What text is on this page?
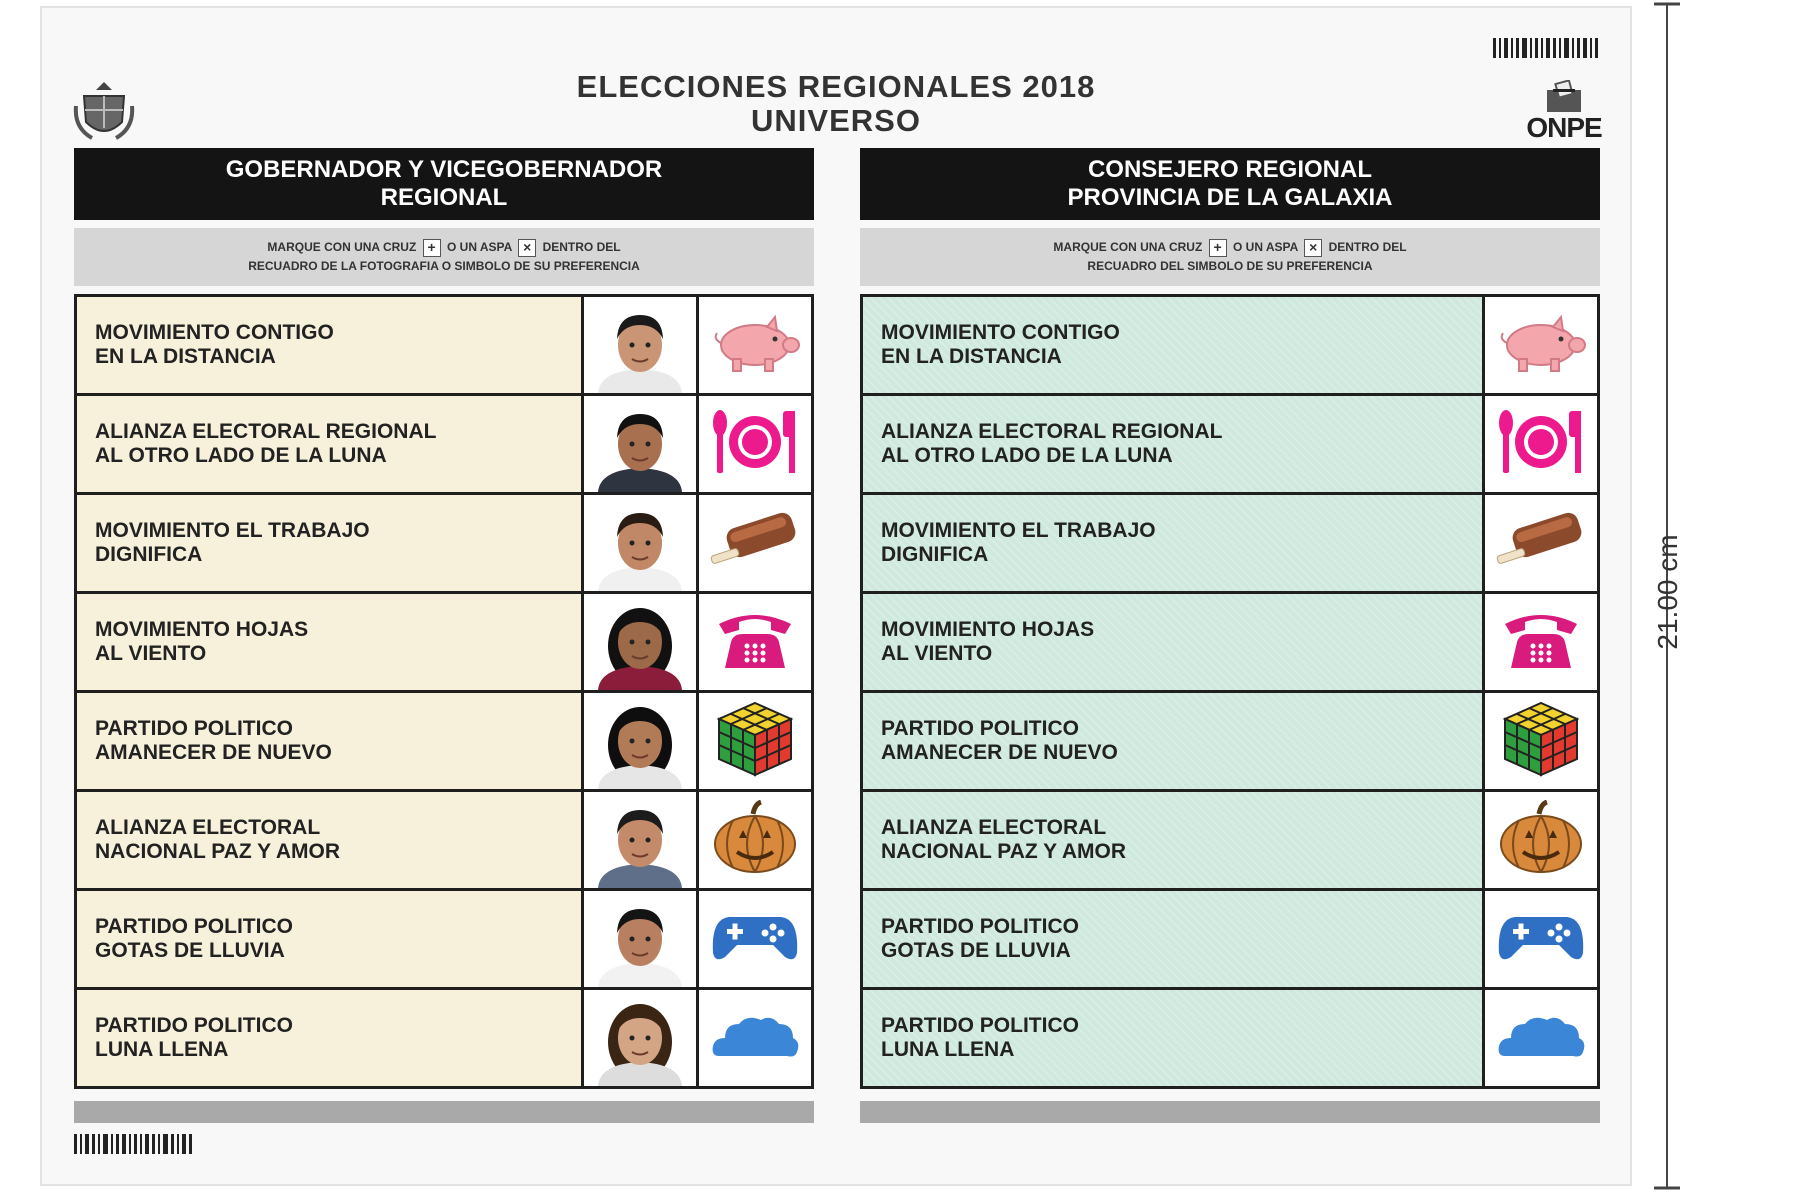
ELECCIONES REGIONALES 2018
UNIVERSO	ONPE
GOBERNADOR Y VICEGOBERNADOR
REGIONAL
MARQUE CON UNA CRUZ + O UN ASPA × DENTRO DEL
RECUADRO DE LA FOTOGRAFIA O SIMBOLO DE SU PREFERENCIA
MOVIMIENTO CONTIGO
EN LA DISTANCIA
ALIANZA ELECTORAL REGIONAL
AL OTRO LADO DE LA LUNA
MOVIMIENTO EL TRABAJO
DIGNIFICA
MOVIMIENTO HOJAS
AL VIENTO
PARTIDO POLITICO
AMANECER DE NUEVO
ALIANZA ELECTORAL
NACIONAL PAZ Y AMOR
PARTIDO POLITICO
GOTAS DE LLUVIA
PARTIDO POLITICO
LUNA LLENA
CONSEJERO REGIONAL
PROVINCIA DE LA GALAXIA
MARQUE CON UNA CRUZ + O UN ASPA × DENTRO DEL
RECUADRO DEL SIMBOLO DE SU PREFERENCIA
MOVIMIENTO CONTIGO
EN LA DISTANCIA
ALIANZA ELECTORAL REGIONAL
AL OTRO LADO DE LA LUNA
MOVIMIENTO EL TRABAJO
DIGNIFICA
MOVIMIENTO HOJAS
AL VIENTO
PARTIDO POLITICO
AMANECER DE NUEVO
ALIANZA ELECTORAL
NACIONAL PAZ Y AMOR
PARTIDO POLITICO
GOTAS DE LLUVIA
PARTIDO POLITICO
LUNA LLENA
21.00 cm
